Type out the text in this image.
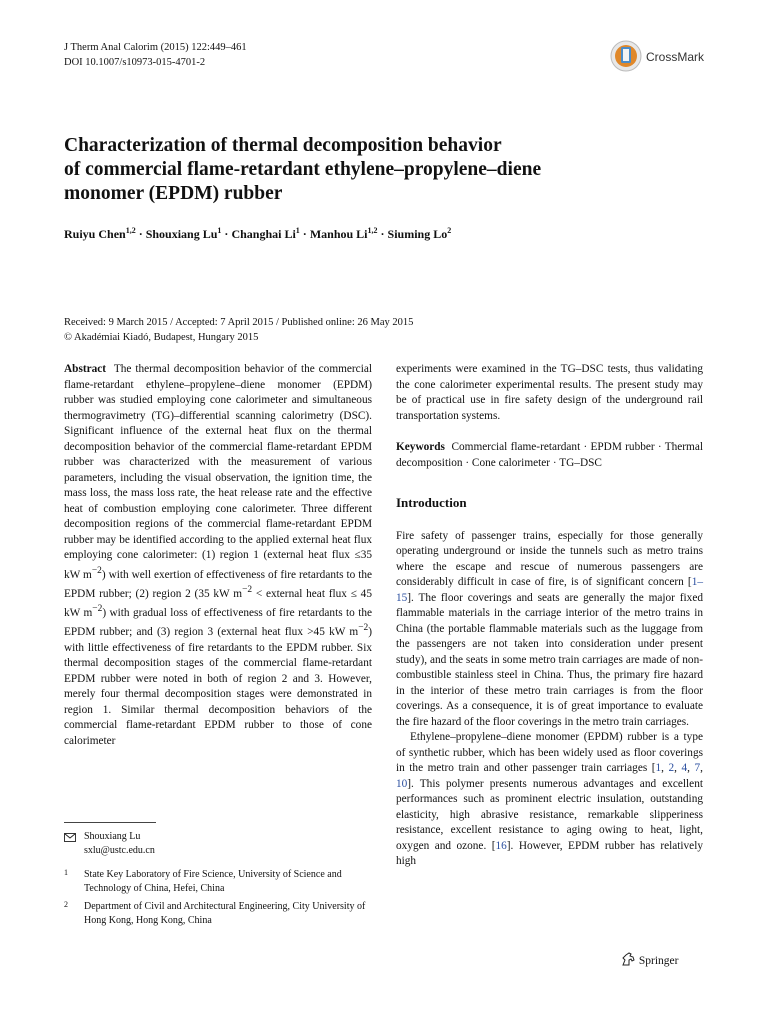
J Therm Anal Calorim (2015) 122:449–461
DOI 10.1007/s10973-015-4701-2	CrossMark
Characterization of thermal decomposition behavior
of commercial flame-retardant ethylene–propylene–diene
monomer (EPDM) rubber
Ruiyu Chen$^{1,2}$ · Shouxiang $Lu^1$ · Changhai $Li^1$ · Manhou Li$^{1,2}$ · Siuming Lo$^2$
Received: 9 March 2015 / Accepted: 7 April 2015 / Published online: 26 May 2015
© Akadémiai Kiadó, Budapest, Hungary 2015

Abstract The thermal decomposition behavior of the commercial flame-retardant ethylene–propylene–diene monomer (EPDM) rubber was studied employing cone calorimeter and simultaneous thermogravimetry (TG)–differential scanning calorimetry (DSC). Significant influence of the external heat flux on the thermal decomposition behavior of the commercial flame-retardant EPDM rubber was characterized with the measurement of various parameters, including the visual observation, the ignition time, the mass loss, the mass loss rate, the heat release rate and the effective heat of combustion employing cone calorimeter. Three different decomposition regions of the commercial flame-retardant EPDM rubber may be identified according to the applied external heat flux employing cone calorimeter: (1) region 1 (external heat flux ≤35 kW $m^{-2}$) with well exertion of effectiveness of fire retardants to the EPDM rubber; (2) region 2 (35 kW $m^{-2}$ < external heat flux ≤ 45 kW $m^{-2}$) with gradual loss of effectiveness of fire retardants to the EPDM rubber; and (3) region 3 (external heat flux >45 kW $m^{-2}$) with little effectiveness of fire retardants to the EPDM rubber. Six thermal decomposition stages of the commercial flame-retardant EPDM rubber were noted in both of region 2 and 3. However, merely four thermal decomposition stages were demonstrated in region 1. Similar thermal decomposition behaviors of the commercial flame-retardant EPDM rubber to those of cone calorimeter

Shouxiang Lu
sxlu@ustc.edu.cn
1 State Key Laboratory of Fire Science, University of Science and Technology of China, Hefei, China
2 Department of Civil and Architectural Engineering, City University of Hong Kong, Hong Kong, China

experiments were examined in the TG–DSC tests, thus validating the cone calorimeter experimental results. The present study may be of practical use in fire safety design of the underground rail transportation systems.

Keywords Commercial flame-retardant · EPDM rubber · Thermal decomposition · Cone calorimeter · TG–DSC

Introduction

Fire safety of passenger trains, especially for those generally operating underground or inside the tunnels such as metro trains where the escape and rescue of numerous passengers are considerably difficult in case of fire, is of significant concern [1–15]. The floor coverings and seats are generally the major fixed flammable materials in the carriage interior of the metro trains in China (the portable flammable materials such as the luggage from the passengers are not taken into consideration under present study), and the seats in some metro train carriages are made of non-combustible stainless steel in China. Thus, the primary fire hazard in the interior of these metro train carriages is from the floor coverings. As a consequence, it is of great importance to evaluate the fire hazard of the floor coverings in the metro train carriages.

Ethylene–propylene–diene monomer (EPDM) rubber is a type of synthetic rubber, which has been widely used as floor coverings in the metro train and other passenger train carriages [1, 2, 4, 7, 10]. This polymer presents numerous advantages and excellent performances such as prominent electric insulation, outstanding elasticity, high abrasive resistance, remarkable slipperiness resistance, excellent resistance to aging owing to heat, light, oxygen and ozone. [16]. However, EPDM rubber has relatively high

Springer
